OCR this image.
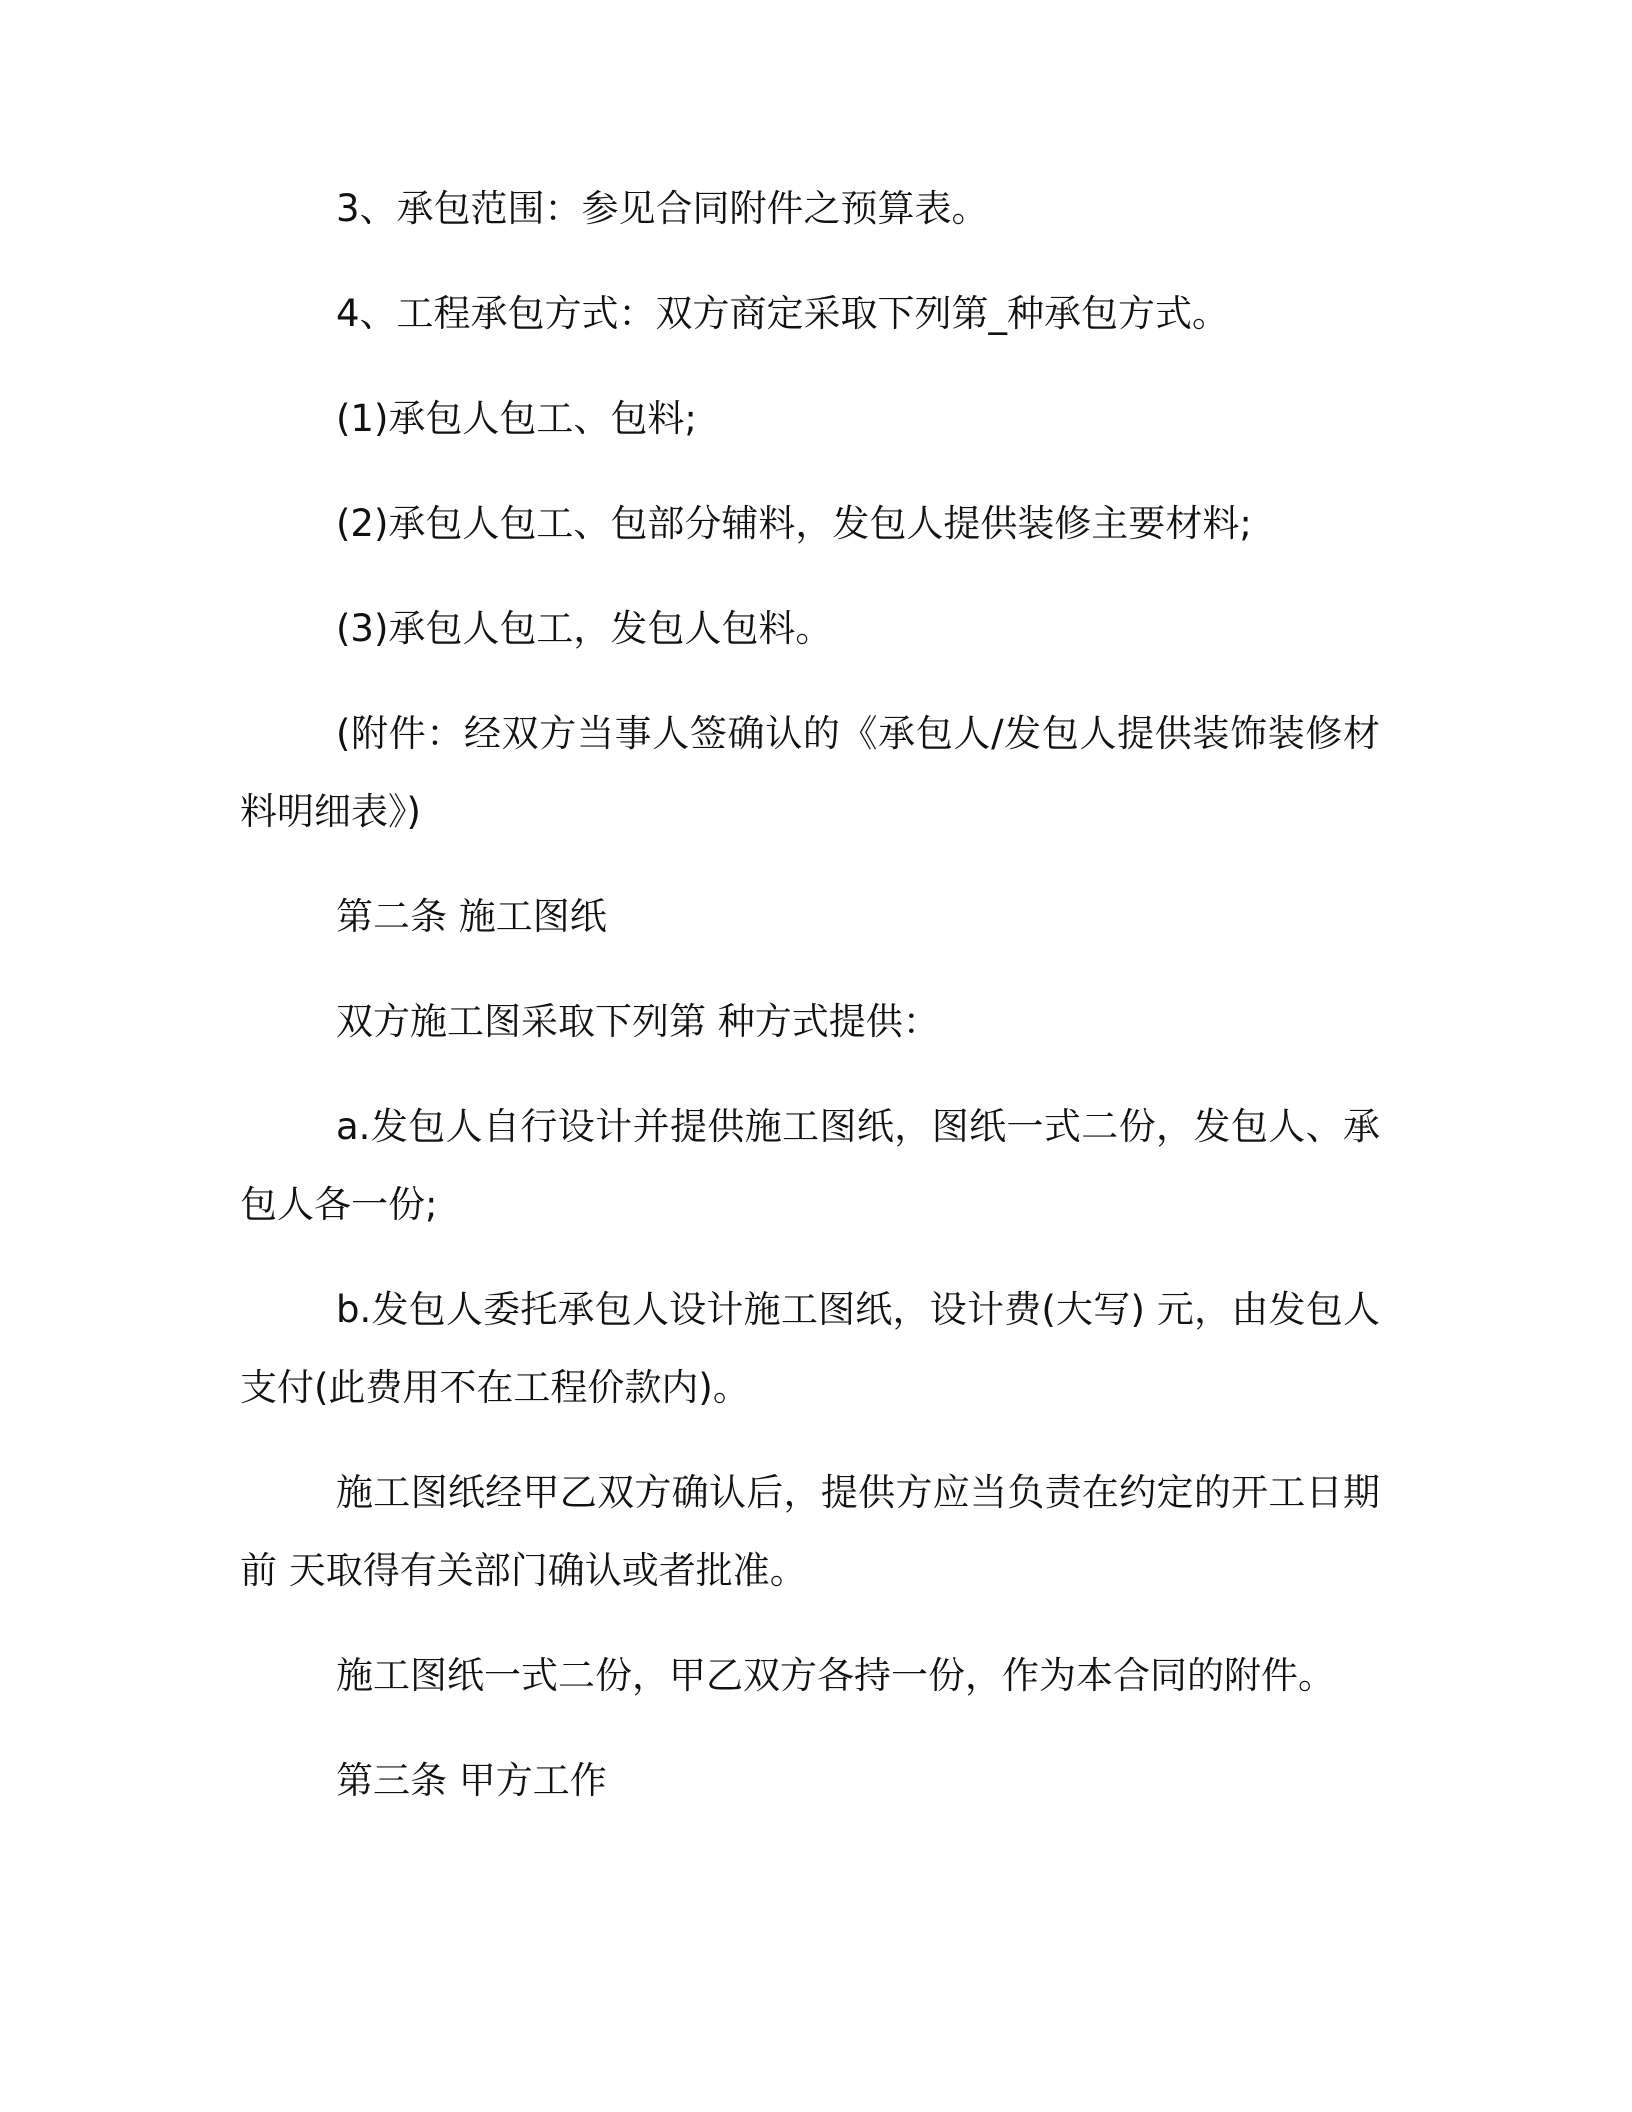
3、承包范围：参见合同附件之预算表。

4、工程承包方式：双方商定采取下列第_种承包方式。

(1)承包人包工、包料;

(2)承包人包工、包部分辅料，发包人提供装修主要材料;

(3)承包人包工，发包人包料。

(附件：经双方当事人签确认的《承包人/发包人提供装饰装修材料明细表》)

第二条 施工图纸

双方施工图采取下列第 种方式提供：

a.发包人自行设计并提供施工图纸，图纸一式二份，发包人、承包人各一份;

b.发包人委托承包人设计施工图纸，设计费(大写) 元，由发包人支付(此费用不在工程价款内)。

施工图纸经甲乙双方确认后，提供方应当负责在约定的开工日期前 天取得有关部门确认或者批准。

施工图纸一式二份，甲乙双方各持一份，作为本合同的附件。

第三条 甲方工作
